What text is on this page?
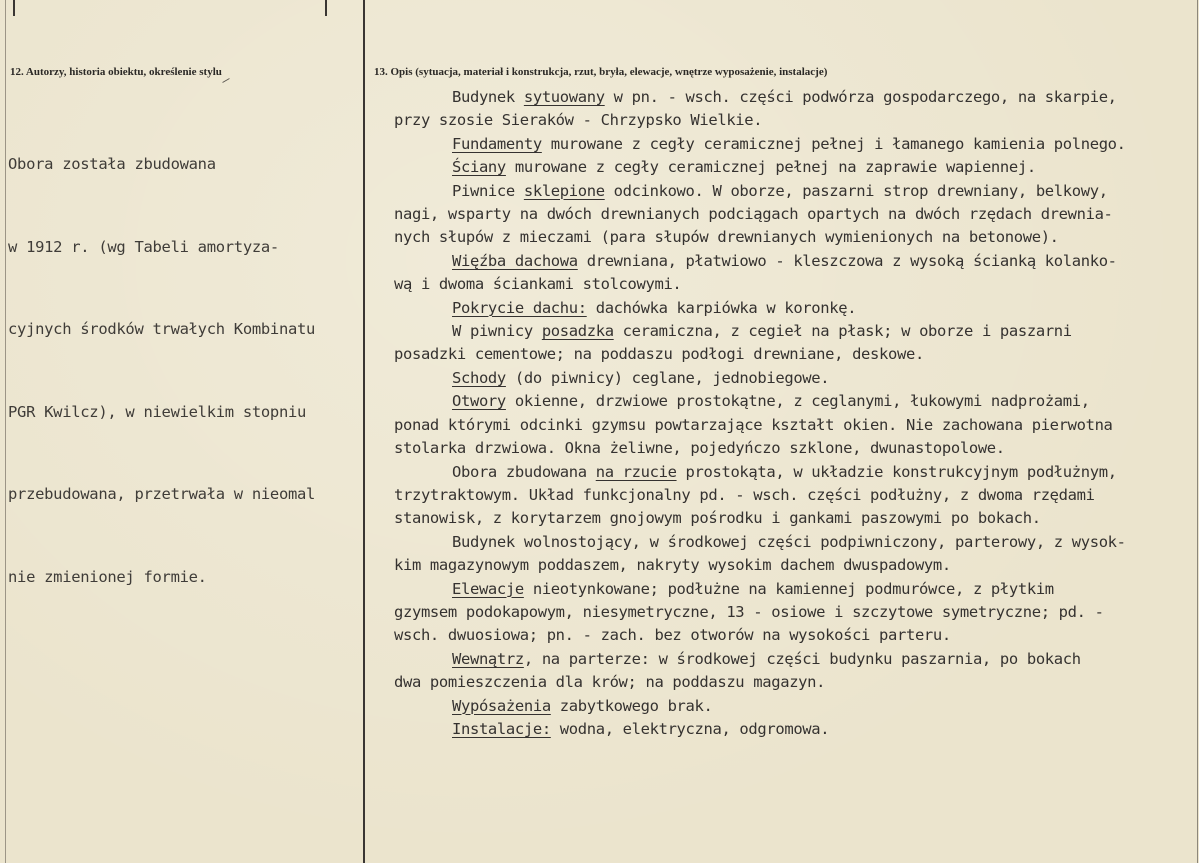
12. Autorzy, historia obiektu, określenie stylu

Obora została zbudowana

w 1912 r. (wg Tabeli amortyza-

cyjnych środków trwałych Kombinatu

PGR Kwilcz), w niewielkim stopniu

przebudowana, przetrwała w nieomal

nie zmienionej formie.

13. Opis (sytuacja, materiał i konstrukcja, rzut, bryła, elewacje, wnętrze wyposażenie, instalacje)
Budynek sytuowany w pn. - wsch. części podwórza gospodarczego, na skarpie,
przy szosie Sieraków - Chrzypsko Wielkie.
Fundamenty murowane z cegły ceramicznej pełnej i łamanego kamienia polnego.
Ściany murowane z cegły ceramicznej pełnej na zaprawie wapiennej.
Piwnice sklepione odcinkowo. W oborze, paszarni strop drewniany, belkowy,
nagi, wsparty na dwóch drewnianych podciągach opartych na dwóch rzędach drewnia-
nych słupów z mieczami (para słupów drewnianych wymienionych na betonowe).
Więźba dachowa drewniana, płatwiowo - kleszczowa z wysoką ścianką kolanko-
wą i dwoma ściankami stolcowymi.
Pokrycie dachu: dachówka karpiówka w koronkę.
W piwnicy posadzka ceramiczna, z cegieł na płask; w oborze i paszarni
posadzki cementowe; na poddaszu podłogi drewniane, deskowe.
Schody (do piwnicy) ceglane, jednobiegowe.
Otwory okienne, drzwiowe prostokątne, z ceglanymi, łukowymi nadprożami,
ponad którymi odcinki gzymsu powtarzające kształt okien. Nie zachowana pierwotna
stolarka drzwiowa. Okna żeliwne, pojedyńczo szklone, dwunastopolowe.
Obora zbudowana na rzucie prostokąta, w układzie konstrukcyjnym podłużnym,
trzytraktowym. Układ funkcjonalny pd. - wsch. części podłużny, z dwoma rzędami
stanowisk, z korytarzem gnojowym pośrodku i gankami paszowymi po bokach.
Budynek wolnostojący, w środkowej części podpiwniczony, parterowy, z wysok-
kim magazynowym poddaszem, nakryty wysokim dachem dwuspadowym.
Elewacje nieotynkowane; podłużne na kamiennej podmurówce, z płytkim
gzymsem podokapowym, niesymetryczne, 13 - osiowe i szczytowe symetryczne; pd. -
wsch. dwuosiowa; pn. - zach. bez otworów na wysokości parteru.
Wewnątrz, na parterze: w środkowej części budynku paszarnia, po bokach
dwa pomieszczenia dla krów; na poddaszu magazyn.
Wypósażenia zabytkowego brak.
Instalacje: wodna, elektryczna, odgromowa.
